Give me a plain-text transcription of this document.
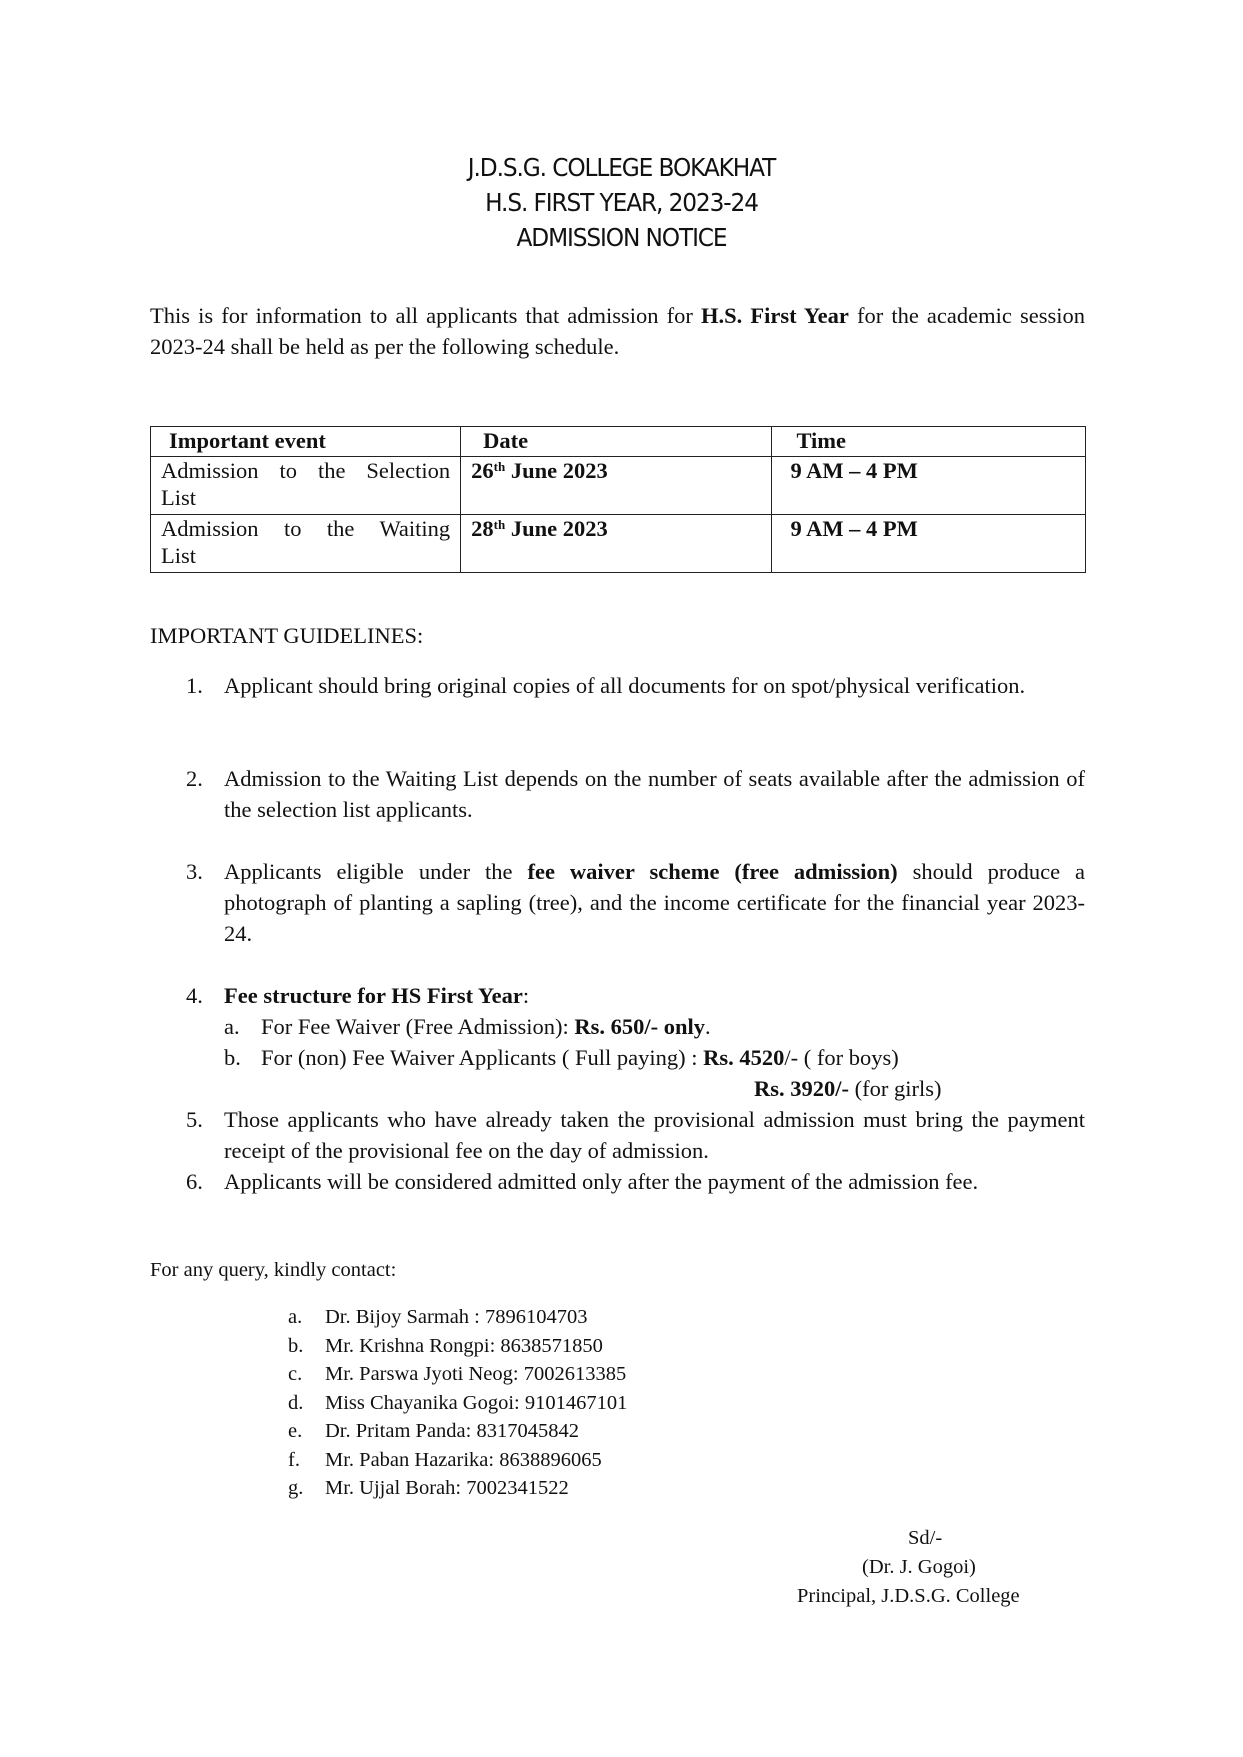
J.D.S.G. COLLEGE BOKAKHAT
H.S. FIRST YEAR, 2023-24
ADMISSION NOTICE
This is for information to all applicants that admission for H.S. First Year for the academic session 2023-24 shall be held as per the following schedule.
Important event	Date	Time

Admission to the Selection
List	26th June 2023	9 AM – 4 PM

Admission to the Waiting
List	28th June 2023	9 AM – 4 PM
IMPORTANT GUIDELINES:
1. Applicant should bring original copies of all documents for on spot/physical verification.
2. Admission to the Waiting List depends on the number of seats available after the admission of the selection list applicants.
3. Applicants eligible under the fee waiver scheme (free admission) should produce a photograph of planting a sapling (tree), and the income certificate for the financial year 2023-24.
4. Fee structure for HS First Year:
a. For Fee Waiver (Free Admission): Rs. 650/- only.
b. For (non) Fee Waiver Applicants ( Full paying) : Rs. 4520/- ( for boys)
Rs. 3920/- (for girls)
5. Those applicants who have already taken the provisional admission must bring the payment receipt of the provisional fee on the day of admission.
6. Applicants will be considered admitted only after the payment of the admission fee.
For any query, kindly contact:
a.	Dr. Bijoy Sarmah : 7896104703
b.	Mr. Krishna Rongpi: 8638571850
c.	Mr. Parswa Jyoti Neog: 7002613385
d.	Miss Chayanika Gogoi: 9101467101
e.	Dr. Pritam Panda: 8317045842
f.	Mr. Paban Hazarika: 8638896065
g.	Mr. Ujjal Borah: 7002341522
Sd/-
(Dr. J. Gogoi)
Principal, J.D.S.G. College
